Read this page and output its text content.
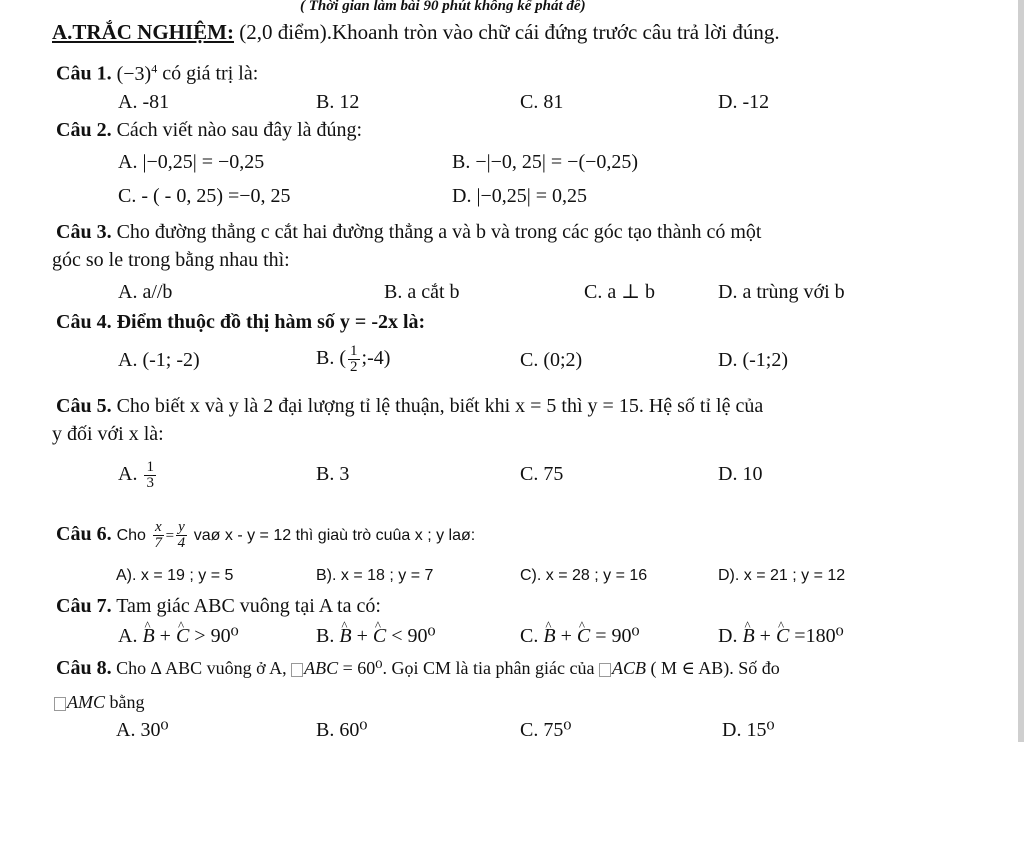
( Thời gian làm bài 90 phút không kể phát đề)
A.TRẮC NGHIỆM: (2,0 điểm).Khoanh tròn vào chữ cái đứng trước câu trả lời đúng.
Câu 1. $(-3)^4$ có giá trị là:
A. -81	B. 12	C. 81	D. -12
Câu 2. Cách viết nào sau đây là đúng:
A. |−0,25| = −0,25	B. −|−0, 25| = −(−0,25)
C. - ( - 0, 25) =−0, 25	D. |−0,25| = 0,25
Câu 3. Cho đường thẳng c cắt hai đường thẳng a và b và trong các góc tạo thành có một
góc so le trong bằng nhau thì:
A. a//b	B. a cắt b	C. a ⊥ b	D. a trùng với b
Câu 4. Điểm thuộc đồ thị hàm số y = -2x là:
A. (-1; -2)	B. ( $\frac{1}{2}$ ;-4)	C. (0;2)	D. (-1;2)
Câu 5. Cho biết x và y là 2 đại lượng tỉ lệ thuận, biết khi x = 5 thì y = 15. Hệ số tỉ lệ của
y đối với x là:
A. $\frac{1}{3}$	B. 3	C. 75	D. 10
Câu 6. Cho $\frac{x}{7} = \frac{y}{4}$ vaø x - y = 12 thì giaù trò cuûa x ; y laø:
A). x = 19 ; y = 5	B). x = 18 ; y = 7	C). x = 28 ; y = 16	D). x = 21 ; y = 12
Câu 7. Tam giác ABC vuông tại A ta có:
A. ^ B + ^ C > 90⁰	B. ^ B + ^ C < 90⁰	C. ^ B + ^ C = 90⁰	D. ^ B + ^ C =180⁰
Câu 8. Cho ∆ ABC vuông ở A, ABC = 60⁰. Gọi CM là tia phân giác của ACB ( M ∈ AB). Số đo
AMC bằng
A. 30⁰	B. 60⁰	C. 75⁰	D. 15⁰
